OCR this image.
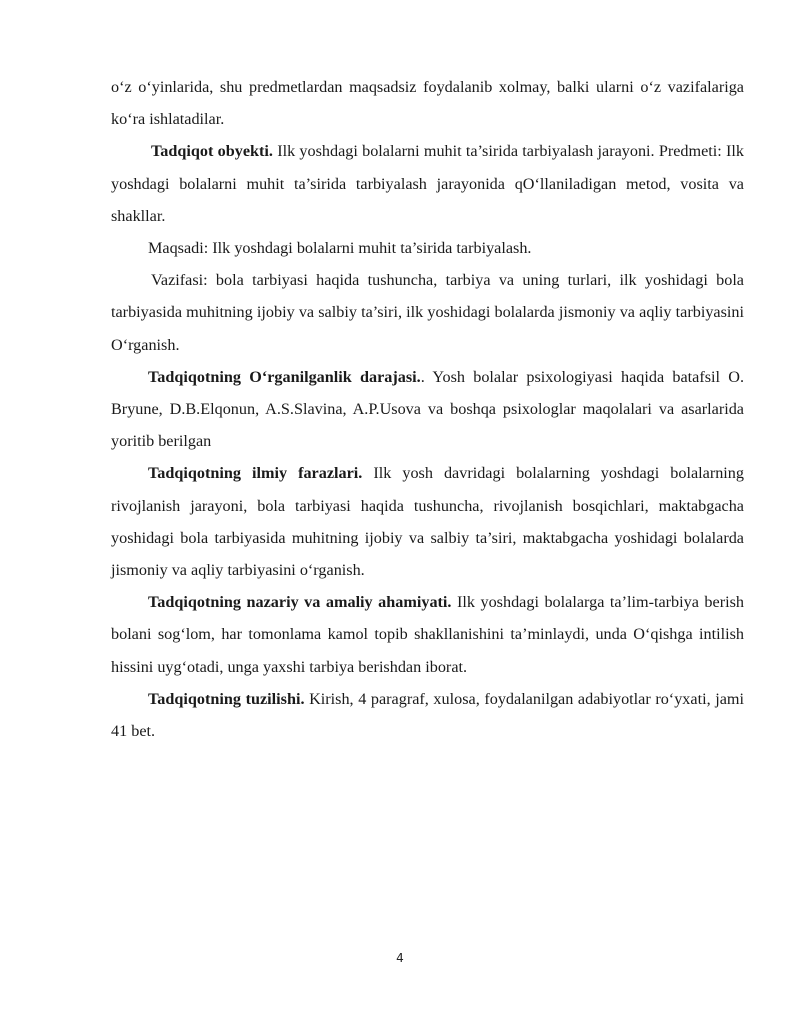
o‘z o‘yinlarida, shu predmetlardan maqsadsiz foydalanib xolmay, balki ularni o‘z vazifalariga ko‘ra ishlatadilar.

Tadqiqot obyekti. Ilk yoshdagi bolalarni muhit ta’sirida tarbiyalash jarayoni. Predmeti: Ilk yoshdagi bolalarni muhit ta’sirida tarbiyalash jarayonida qO‘llaniladigan metod, vosita va shakllar.

Maqsadi: Ilk yoshdagi bolalarni muhit ta’sirida tarbiyalash.

Vazifasi: bola tarbiyasi haqida tushuncha, tarbiya va uning turlari, ilk yoshidagi bola tarbiyasida muhitning ijobiy va salbiy ta’siri, ilk yoshidagi bolalarda jismoniy va aqliy tarbiyasini O‘rganish.

Tadqiqotning O‘rganilganlik darajasi.. Yosh bolalar psixologiyasi haqida batafsil O. Bryune, D.B.Elqonun, A.S.Slavina, A.P.Usova va boshqa psixologlar maqolalari va asarlarida yoritib berilgan

Tadqiqotning ilmiy farazlari. Ilk yosh davridagi bolalarning yoshdagi bolalarning rivojlanish jarayoni, bola tarbiyasi haqida tushuncha, rivojlanish bosqichlari, maktabgacha yoshidagi bola tarbiyasida muhitning ijobiy va salbiy ta’siri, maktabgacha yoshidagi bolalarda jismoniy va aqliy tarbiyasini o‘rganish.

Tadqiqotning nazariy va amaliy ahamiyati. Ilk yoshdagi bolalarga ta’lim-tarbiya berish bolani sog‘lom, har tomonlama kamol topib shakllanishini ta’minlaydi, unda O‘qishga intilish hissini uyg‘otadi, unga yaxshi tarbiya berishdan iborat.

Tadqiqotning tuzilishi. Kirish, 4 paragraf, xulosa, foydalanilgan adabiyotlar ro‘yxati, jami 41 bet.

4
